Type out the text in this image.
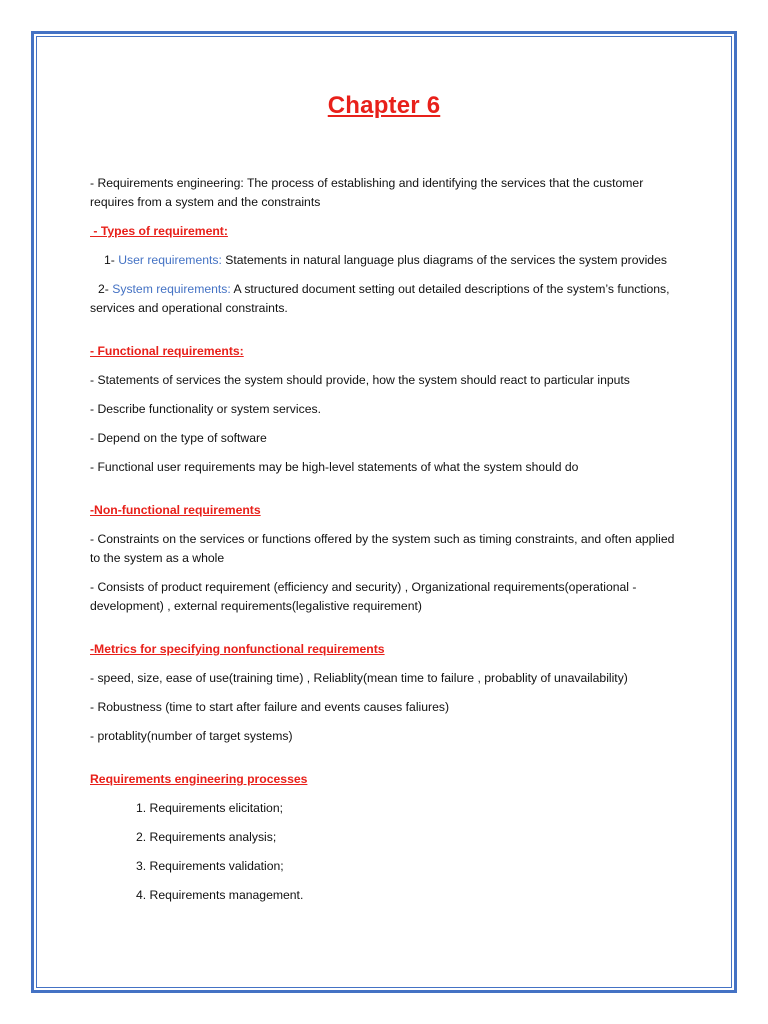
Chapter 6

- Requirements engineering: The process of establishing and identifying the services that the customer requires from a system and the constraints

- Types of requirement:

1- User requirements: Statements in natural language plus diagrams of the services the system provides

2- System requirements: A structured document setting out detailed descriptions of the system’s functions, services and operational constraints.

- Functional requirements:

- Statements of services the system should provide, how the system should react to particular inputs

- Describe functionality or system services.

- Depend on the type of software

- Functional user requirements may be high-level statements of what the system should do

-Non-functional requirements

- Constraints on the services or functions offered by the system such as timing constraints, and often applied to the system as a whole

- Consists of product requirement (efficiency and security) , Organizational requirements(operational - development) , external requirements(legalistive requirement)

-Metrics for specifying nonfunctional requirements

- speed, size, ease of use(training time) , Reliablity(mean time to failure , probablity of unavailability)

- Robustness (time to start after failure and events causes faliures)

- protablity(number of target systems)

Requirements engineering processes

1. Requirements elicitation;
2. Requirements analysis;
3. Requirements validation;
4. Requirements management.
